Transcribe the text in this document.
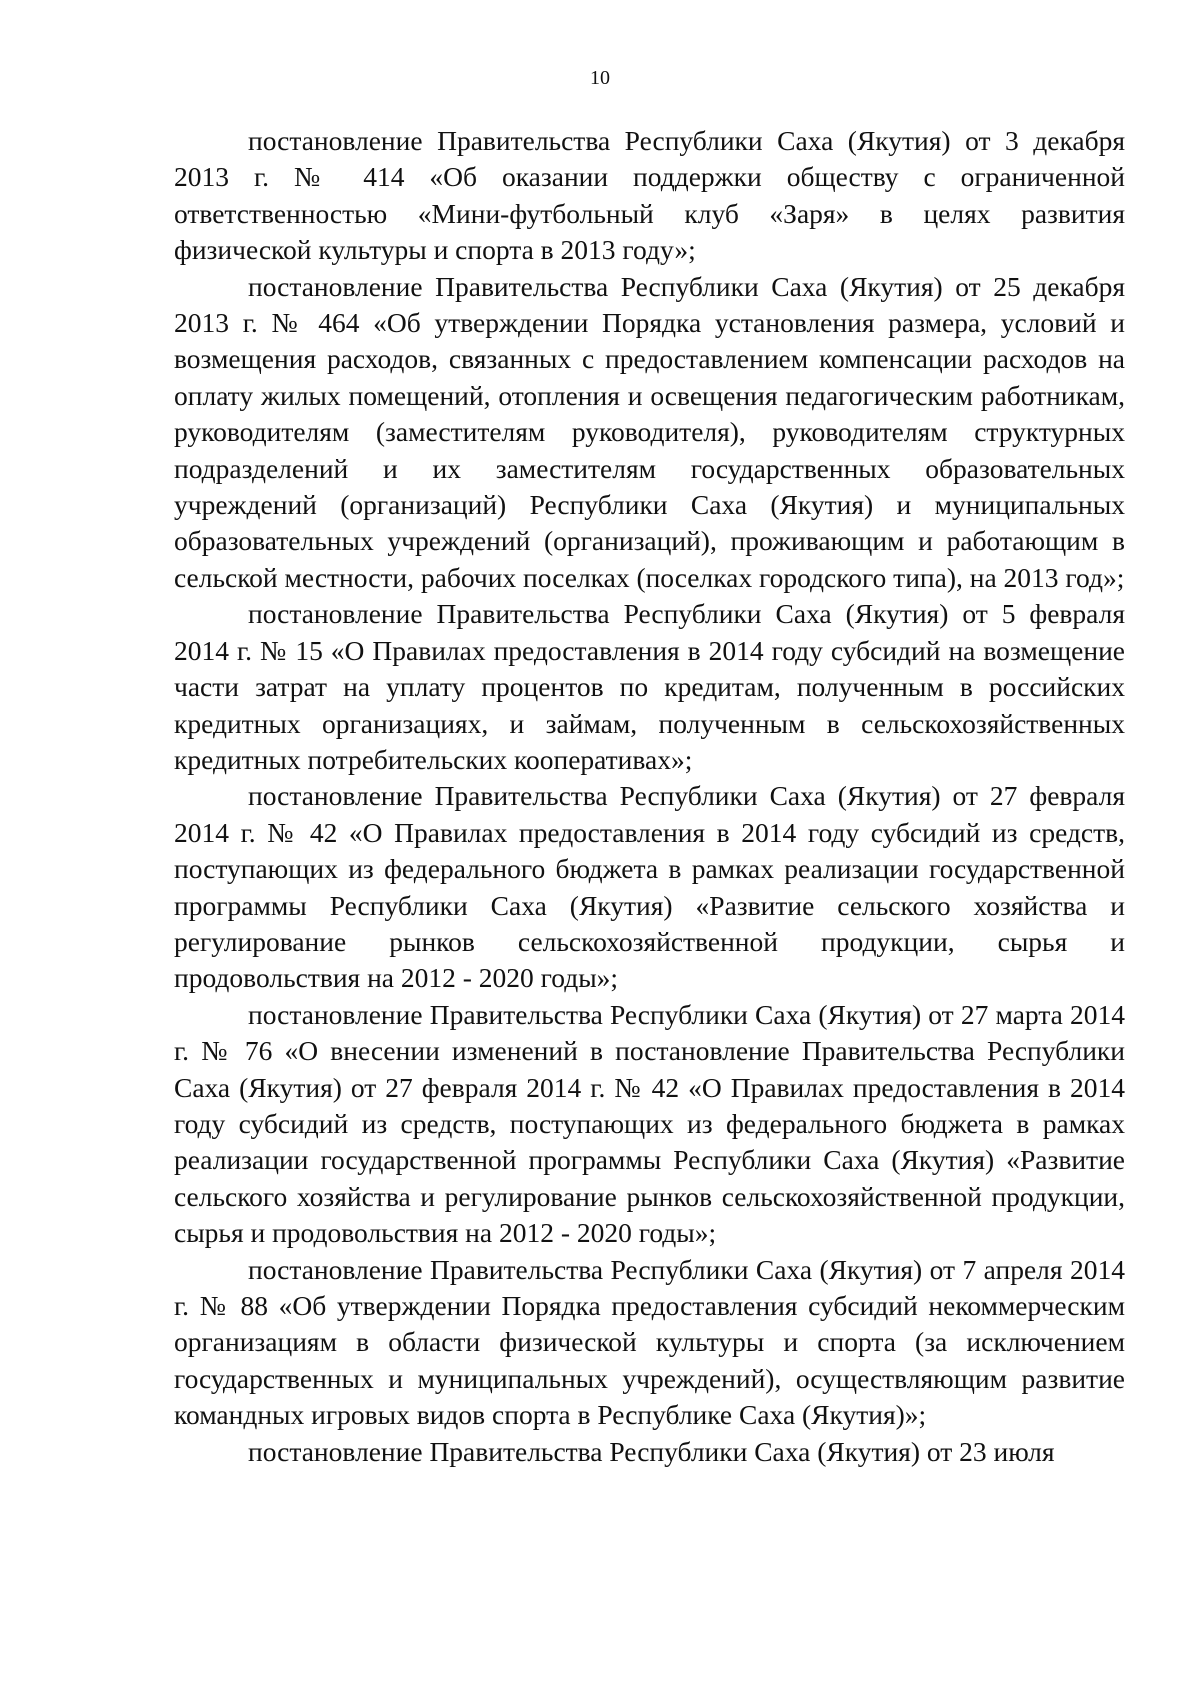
10

постановление Правительства Республики Саха (Якутия) от 3 декабря 2013 г. № 414 «Об оказании поддержки обществу с ограниченной ответственностью «Мини-футбольный клуб «Заря» в целях развития физической культуры и спорта в 2013 году»;

постановление Правительства Республики Саха (Якутия) от 25 декабря 2013 г. № 464 «Об утверждении Порядка установления размера, условий и возмещения расходов, связанных с предоставлением компенсации расходов на оплату жилых помещений, отопления и освещения педагогическим работникам, руководителям (заместителям руководителя), руководителям структурных подразделений и их заместителям государственных образовательных учреждений (организаций) Республики Саха (Якутия) и муниципальных образовательных учреждений (организаций), проживающим и работающим в сельской местности, рабочих поселках (поселках городского типа), на 2013 год»;

постановление Правительства Республики Саха (Якутия) от 5 февраля 2014 г. № 15 «О Правилах предоставления в 2014 году субсидий на возмещение части затрат на уплату процентов по кредитам, полученным в российских кредитных организациях, и займам, полученным в сельскохозяйственных кредитных потребительских кооперативах»;

постановление Правительства Республики Саха (Якутия) от 27 февраля 2014 г. № 42 «О Правилах предоставления в 2014 году субсидий из средств, поступающих из федерального бюджета в рамках реализации государственной программы Республики Саха (Якутия) «Развитие сельского хозяйства и регулирование рынков сельскохозяйственной продукции, сырья и продовольствия на 2012 - 2020 годы»;

постановление Правительства Республики Саха (Якутия) от 27 марта 2014 г. № 76 «О внесении изменений в постановление Правительства Республики Саха (Якутия) от 27 февраля 2014 г. № 42 «О Правилах предоставления в 2014 году субсидий из средств, поступающих из федерального бюджета в рамках реализации государственной программы Республики Саха (Якутия) «Развитие сельского хозяйства и регулирование рынков сельскохозяйственной продукции, сырья и продовольствия на 2012 - 2020 годы»;

постановление Правительства Республики Саха (Якутия) от 7 апреля 2014 г. № 88 «Об утверждении Порядка предоставления субсидий некоммерческим организациям в области физической культуры и спорта (за исключением государственных и муниципальных учреждений), осуществляющим развитие командных игровых видов спорта в Республике Саха (Якутия)»;

постановление Правительства Республики Саха (Якутия) от 23 июля
